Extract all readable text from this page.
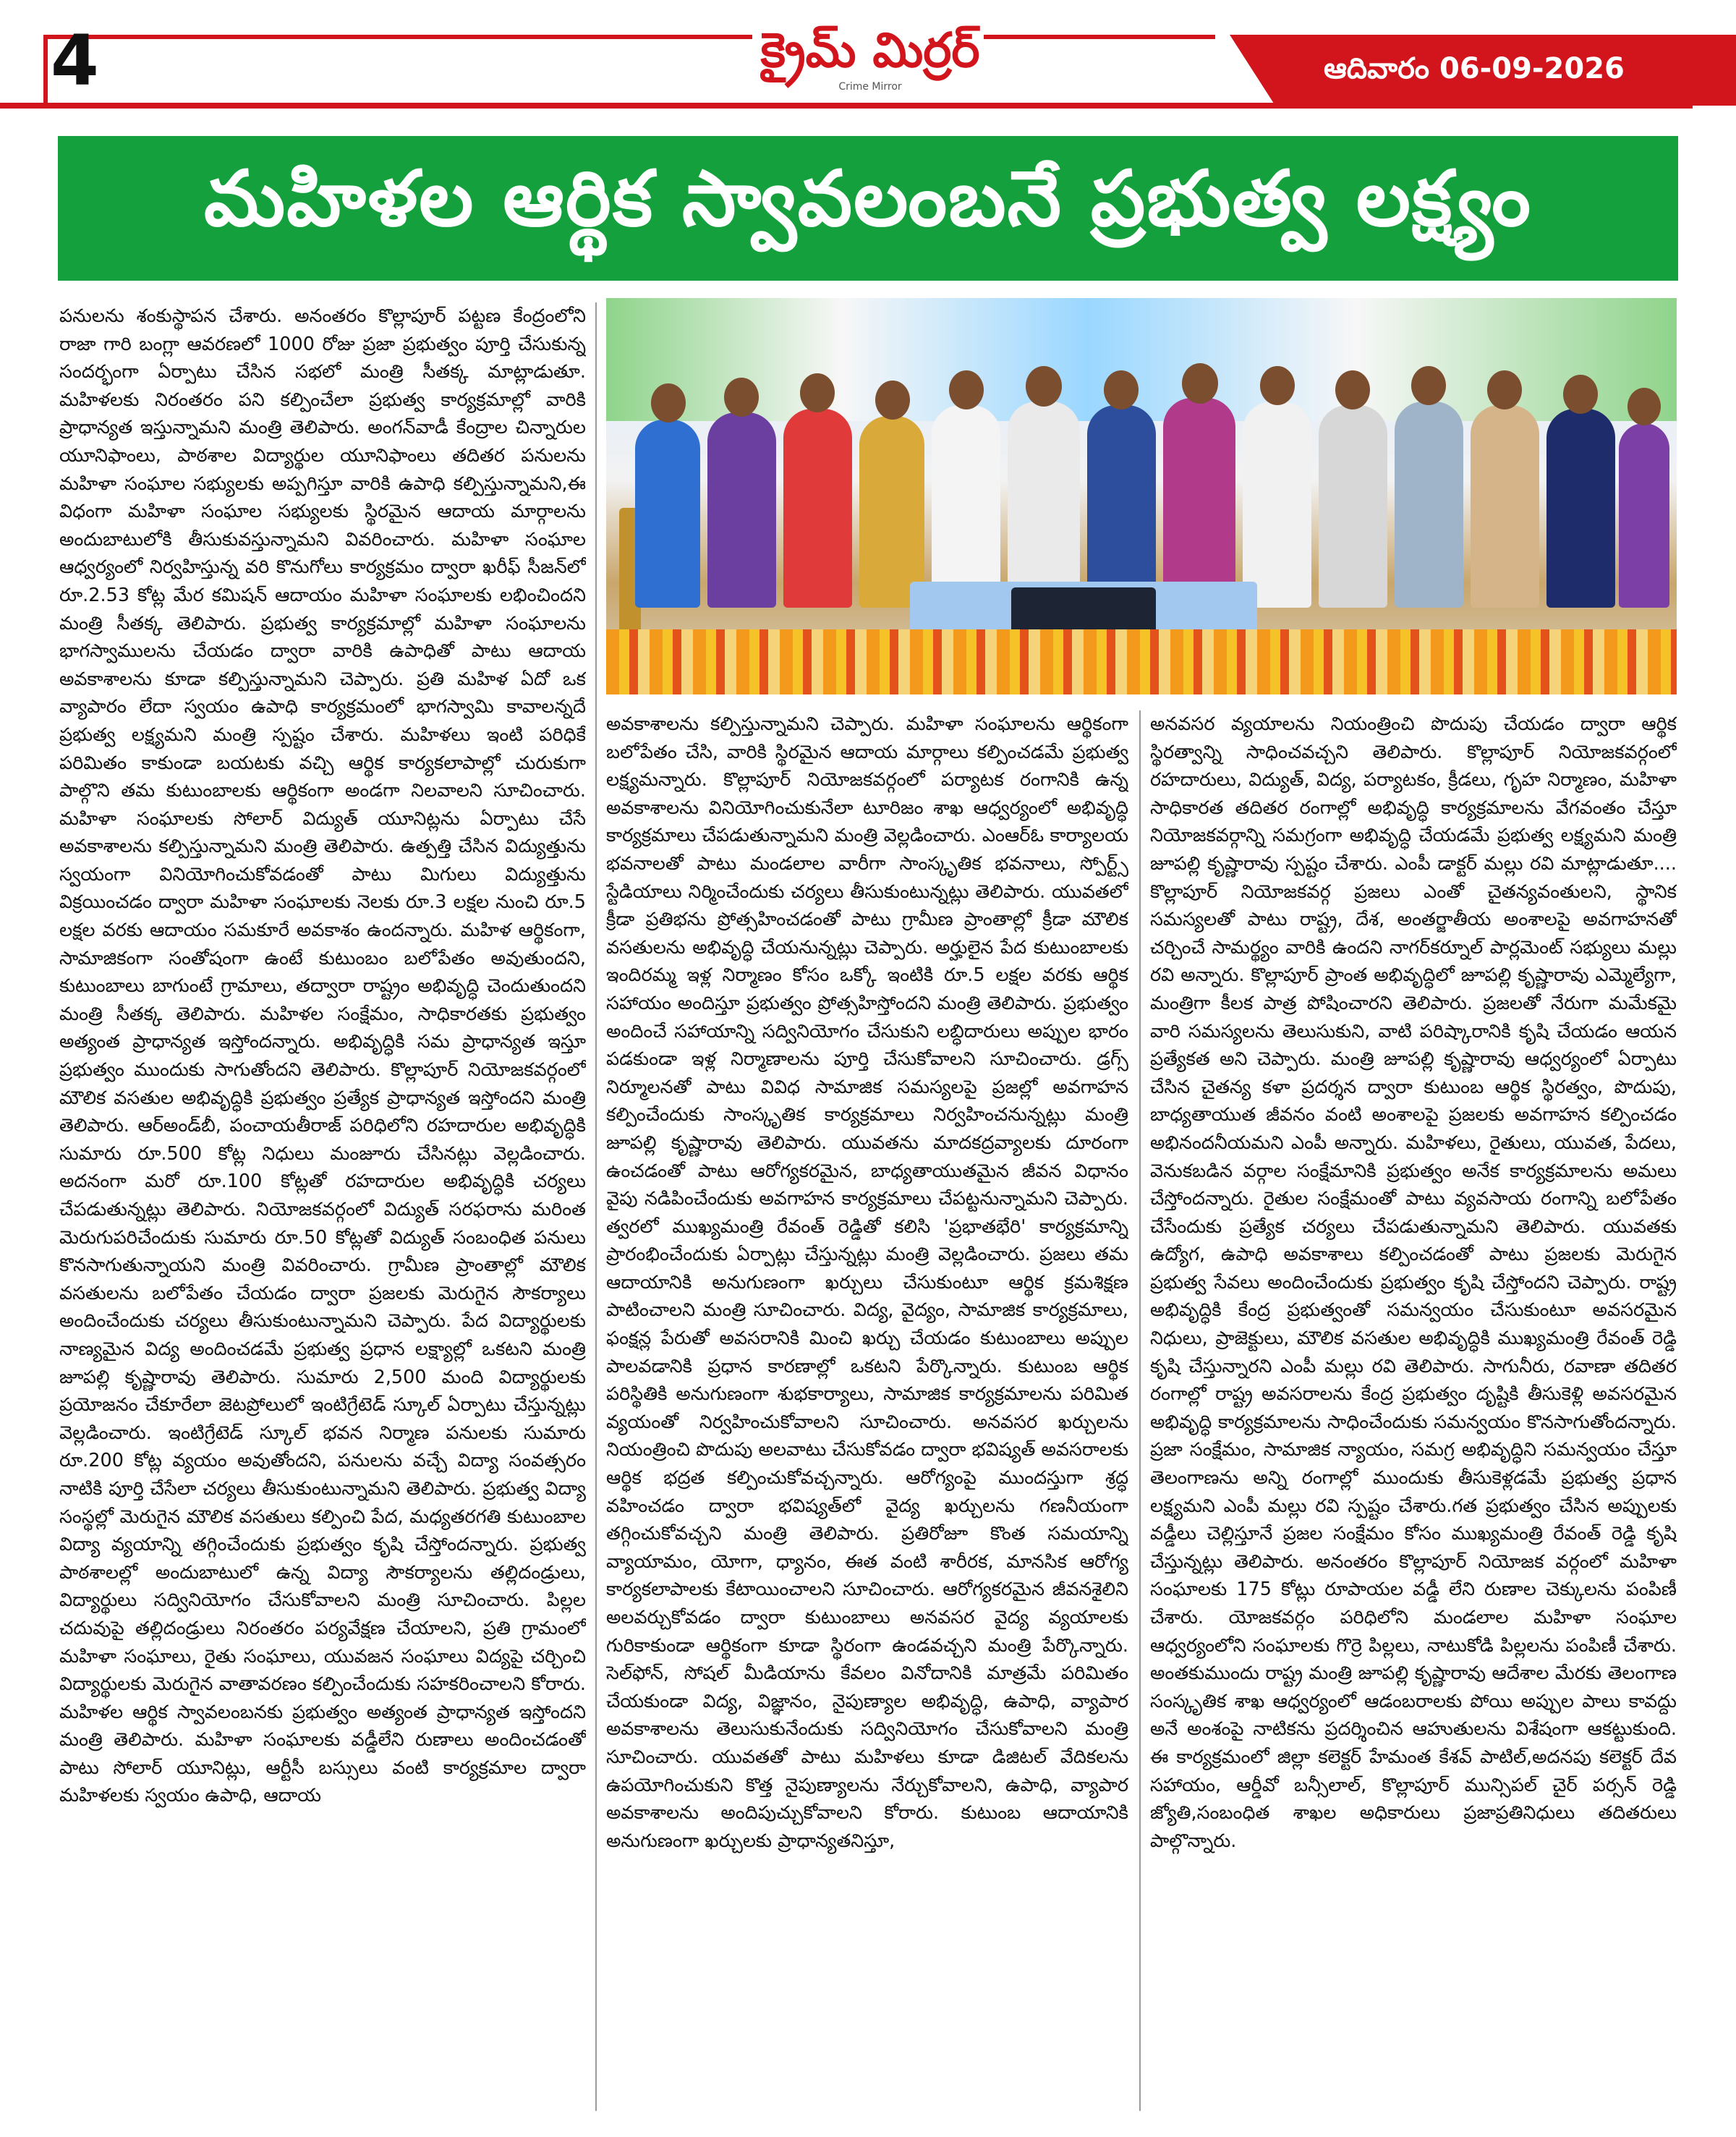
4	క్రైమ్ మిర్రర్
Crime Mirror
ఆదివారం 06-09-2026
మహిళల ఆర్థిక స్వావలంబనే ప్రభుత్వ లక్ష్యం

పనులను శంకుస్థాపన చేశారు. అనంతరం కొల్లాపూర్ పట్టణ కేంద్రంలోని రాజా గారి బంగ్లా ఆవరణలో 1000 రోజు ప్రజా ప్రభుత్వం పూర్తి చేసుకున్న సందర్భంగా ఏర్పాటు చేసిన సభలో మంత్రి సీతక్క మాట్లాడుతూ. మహిళలకు నిరంతరం పని కల్పించేలా ప్రభుత్వ కార్యక్రమాల్లో వారికి ప్రాధాన్యత ఇస్తున్నామని మంత్రి తెలిపారు. అంగన్‌వాడీ కేంద్రాల చిన్నారుల యూనిఫాంలు, పాఠశాల విద్యార్థుల యూనిఫాంలు తదితర పనులను మహిళా సంఘాల సభ్యులకు అప్పగిస్తూ వారికి ఉపాధి కల్పిస్తున్నామని,ఈ విధంగా మహిళా సంఘాల సభ్యులకు స్థిరమైన ఆదాయ మార్గాలను అందుబాటులోకి తీసుకువస్తున్నామని వివరించారు. మహిళా సంఘాల ఆధ్వర్యంలో నిర్వహిస్తున్న వరి కొనుగోలు కార్యక్రమం ద్వారా ఖరీఫ్ సీజన్‌లో రూ.2.53 కోట్ల మేర కమిషన్ ఆదాయం మహిళా సంఘాలకు లభించిందని మంత్రి సీతక్క తెలిపారు. ప్రభుత్వ కార్యక్రమాల్లో మహిళా సంఘాలను భాగస్వాములను చేయడం ద్వారా వారికి ఉపాధితో పాటు ఆదాయ అవకాశాలను కూడా కల్పిస్తున్నామని చెప్పారు. ప్రతి మహిళ ఏదో ఒక వ్యాపారం లేదా స్వయం ఉపాధి కార్యక్రమంలో భాగస్వామి కావాలన్నదే ప్రభుత్వ లక్ష్యమని మంత్రి స్పష్టం చేశారు. మహిళలు ఇంటి పరిధికే పరిమితం కాకుండా బయటకు వచ్చి ఆర్థిక కార్యకలాపాల్లో చురుకుగా పాల్గొని తమ కుటుంబాలకు ఆర్థికంగా అండగా నిలవాలని సూచించారు. మహిళా సంఘాలకు సోలార్ విద్యుత్ యూనిట్లను ఏర్పాటు చేసే అవకాశాలను కల్పిస్తున్నామని మంత్రి తెలిపారు. ఉత్పత్తి చేసిన విద్యుత్తును స్వయంగా వినియోగించుకోవడంతో పాటు మిగులు విద్యుత్తును విక్రయించడం ద్వారా మహిళా సంఘాలకు నెలకు రూ.3 లక్షల నుంచి రూ.5 లక్షల వరకు ఆదాయం సమకూరే అవకాశం ఉందన్నారు. మహిళ ఆర్థికంగా, సామాజికంగా సంతోషంగా ఉంటే కుటుంబం బలోపేతం అవుతుందని, కుటుంబాలు బాగుంటే గ్రామాలు, తద్వారా రాష్ట్రం అభివృద్ధి చెందుతుందని మంత్రి సీతక్క తెలిపారు. మహిళల సంక్షేమం, సాధికారతకు ప్రభుత్వం అత్యంత ప్రాధాన్యత ఇస్తోందన్నారు. అభివృద్ధికి సమ ప్రాధాన్యత ఇస్తూ ప్రభుత్వం ముందుకు సాగుతోందని తెలిపారు. కొల్లాపూర్ నియోజకవర్గంలో మౌలిక వసతుల అభివృద్ధికి ప్రభుత్వం ప్రత్యేక ప్రాధాన్యత ఇస్తోందని మంత్రి తెలిపారు. ఆర్‌అండ్‌బీ, పంచాయతీరాజ్ పరిధిలోని రహదారుల అభివృద్ధికి సుమారు రూ.500 కోట్ల నిధులు మంజూరు చేసినట్లు వెల్లడించారు. అదనంగా మరో రూ.100 కోట్లతో రహదారుల అభివృద్ధికి చర్యలు చేపడుతున్నట్లు తెలిపారు. నియోజకవర్గంలో విద్యుత్ సరఫరాను మరింత మెరుగుపరిచేందుకు సుమారు రూ.50 కోట్లతో విద్యుత్ సంబంధిత పనులు కొనసాగుతున్నాయని మంత్రి వివరించారు. గ్రామీణ ప్రాంతాల్లో మౌలిక వసతులను బలోపేతం చేయడం ద్వారా ప్రజలకు మెరుగైన సౌకర్యాలు అందించేందుకు చర్యలు తీసుకుంటున్నామని చెప్పారు. పేద విద్యార్థులకు నాణ్యమైన విద్య అందించడమే ప్రభుత్వ ప్రధాన లక్ష్యాల్లో ఒకటని మంత్రి జూపల్లి కృష్ణారావు తెలిపారు. సుమారు 2,500 మంది విద్యార్థులకు ప్రయోజనం చేకూరేలా జెటప్రోలులో ఇంటిగ్రేటెడ్ స్కూల్ ఏర్పాటు చేస్తున్నట్లు వెల్లడించారు. ఇంటిగ్రేటెడ్ స్కూల్ భవన నిర్మాణ పనులకు సుమారు రూ.200 కోట్ల వ్యయం అవుతోందని, పనులను వచ్చే విద్యా సంవత్సరం నాటికి పూర్తి చేసేలా చర్యలు తీసుకుంటున్నామని తెలిపారు. ప్రభుత్వ విద్యా సంస్థల్లో మెరుగైన మౌలిక వసతులు కల్పించి పేద, మధ్యతరగతి కుటుంబాల విద్యా వ్యయాన్ని తగ్గించేందుకు ప్రభుత్వం కృషి చేస్తోందన్నారు. ప్రభుత్వ పాఠశాలల్లో అందుబాటులో ఉన్న విద్యా సౌకర్యాలను తల్లిదండ్రులు, విద్యార్థులు సద్వినియోగం చేసుకోవాలని మంత్రి సూచించారు. పిల్లల చదువుపై తల్లిదండ్రులు నిరంతరం పర్యవేక్షణ చేయాలని, ప్రతి గ్రామంలో మహిళా సంఘాలు, రైతు సంఘాలు, యువజన సంఘాలు విద్యపై చర్చించి విద్యార్థులకు మెరుగైన వాతావరణం కల్పించేందుకు సహకరించాలని కోరారు. మహిళల ఆర్థిక స్వావలంబనకు ప్రభుత్వం అత్యంత ప్రాధాన్యత ఇస్తోందని మంత్రి తెలిపారు. మహిళా సంఘాలకు వడ్డీలేని రుణాలు అందించడంతో పాటు సోలార్ యూనిట్లు, ఆర్టీసీ బస్సులు వంటి కార్యక్రమాల ద్వారా మహిళలకు స్వయం ఉపాధి, ఆదాయ

అవకాశాలను కల్పిస్తున్నామని చెప్పారు. మహిళా సంఘాలను ఆర్థికంగా బలోపేతం చేసి, వారికి స్థిరమైన ఆదాయ మార్గాలు కల్పించడమే ప్రభుత్వ లక్ష్యమన్నారు. కొల్లాపూర్ నియోజకవర్గంలో పర్యాటక రంగానికి ఉన్న అవకాశాలను వినియోగించుకునేలా టూరిజం శాఖ ఆధ్వర్యంలో అభివృద్ధి కార్యక్రమాలు చేపడుతున్నామని మంత్రి వెల్లడించారు. ఎంఆర్‌ఓ కార్యాలయ భవనాలతో పాటు మండలాల వారీగా సాంస్కృతిక భవనాలు, స్పోర్ట్స్ స్టేడియాలు నిర్మించేందుకు చర్యలు తీసుకుంటున్నట్లు తెలిపారు. యువతలో క్రీడా ప్రతిభను ప్రోత్సహించడంతో పాటు గ్రామీణ ప్రాంతాల్లో క్రీడా మౌలిక వసతులను అభివృద్ధి చేయనున్నట్లు చెప్పారు. అర్హులైన పేద కుటుంబాలకు ఇందిరమ్మ ఇళ్ల నిర్మాణం కోసం ఒక్కో ఇంటికి రూ.5 లక్షల వరకు ఆర్థిక సహాయం అందిస్తూ ప్రభుత్వం ప్రోత్సహిస్తోందని మంత్రి తెలిపారు. ప్రభుత్వం అందించే సహాయాన్ని సద్వినియోగం చేసుకుని లబ్ధిదారులు అప్పుల భారం పడకుండా ఇళ్ల నిర్మాణాలను పూర్తి చేసుకోవాలని సూచించారు. డ్రగ్స్ నిర్మూలనతో పాటు వివిధ సామాజిక సమస్యలపై ప్రజల్లో అవగాహన కల్పించేందుకు సాంస్కృతిక కార్యక్రమాలు నిర్వహించనున్నట్లు మంత్రి జూపల్లి కృష్ణారావు తెలిపారు. యువతను మాదకద్రవ్యాలకు దూరంగా ఉంచడంతో పాటు ఆరోగ్యకరమైన, బాధ్యతాయుతమైన జీవన విధానం వైపు నడిపించేందుకు అవగాహన కార్యక్రమాలు చేపట్టనున్నామని చెప్పారు. త్వరలో ముఖ్యమంత్రి రేవంత్ రెడ్డితో కలిసి 'ప్రభాతభేరి' కార్యక్రమాన్ని ప్రారంభించేందుకు ఏర్పాట్లు చేస్తున్నట్లు మంత్రి వెల్లడించారు. ప్రజలు తమ ఆదాయానికి అనుగుణంగా ఖర్చులు చేసుకుంటూ ఆర్థిక క్రమశిక్షణ పాటించాలని మంత్రి సూచించారు. విద్య, వైద్యం, సామాజిక కార్యక్రమాలు, ఫంక్షన్ల పేరుతో అవసరానికి మించి ఖర్చు చేయడం కుటుంబాలు అప్పుల పాలవడానికి ప్రధాన కారణాల్లో ఒకటని పేర్కొన్నారు. కుటుంబ ఆర్థిక పరిస్థితికి అనుగుణంగా శుభకార్యాలు, సామాజిక కార్యక్రమాలను పరిమిత వ్యయంతో నిర్వహించుకోవాలని సూచించారు. అనవసర ఖర్చులను నియంత్రించి పొదుపు అలవాటు చేసుకోవడం ద్వారా భవిష్యత్ అవసరాలకు ఆర్థిక భద్రత కల్పించుకోవచ్చన్నారు. ఆరోగ్యంపై ముందస్తుగా శ్రద్ధ వహించడం ద్వారా భవిష్యత్‌లో వైద్య ఖర్చులను గణనీయంగా తగ్గించుకోవచ్చని మంత్రి తెలిపారు. ప్రతిరోజూ కొంత సమయాన్ని వ్యాయామం, యోగా, ధ్యానం, ఈత వంటి శారీరక, మానసిక ఆరోగ్య కార్యకలాపాలకు కేటాయించాలని సూచించారు. ఆరోగ్యకరమైన జీవనశైలిని అలవర్చుకోవడం ద్వారా కుటుంబాలు అనవసర వైద్య వ్యయాలకు గురికాకుండా ఆర్థికంగా కూడా స్థిరంగా ఉండవచ్చని మంత్రి పేర్కొన్నారు. సెల్‌ఫోన్, సోషల్ మీడియాను కేవలం వినోదానికి మాత్రమే పరిమితం చేయకుండా విద్య, విజ్ఞానం, నైపుణ్యాల అభివృద్ధి, ఉపాధి, వ్యాపార అవకాశాలను తెలుసుకునేందుకు సద్వినియోగం చేసుకోవాలని మంత్రి సూచించారు. యువతతో పాటు మహిళలు కూడా డిజిటల్ వేదికలను ఉపయోగించుకుని కొత్త నైపుణ్యాలను నేర్చుకోవాలని, ఉపాధి, వ్యాపార అవకాశాలను అందిపుచ్చుకోవాలని కోరారు. కుటుంబ ఆదాయానికి అనుగుణంగా ఖర్చులకు ప్రాధాన్యతనిస్తూ,

అనవసర వ్యయాలను నియంత్రించి పొదుపు చేయడం ద్వారా ఆర్థిక స్థిరత్వాన్ని సాధించవచ్చని తెలిపారు. కొల్లాపూర్ నియోజకవర్గంలో రహదారులు, విద్యుత్, విద్య, పర్యాటకం, క్రీడలు, గృహ నిర్మాణం, మహిళా సాధికారత తదితర రంగాల్లో అభివృద్ధి కార్యక్రమాలను వేగవంతం చేస్తూ నియోజకవర్గాన్ని సమగ్రంగా అభివృద్ధి చేయడమే ప్రభుత్వ లక్ష్యమని మంత్రి జూపల్లి కృష్ణారావు స్పష్టం చేశారు. ఎంపీ డాక్టర్ మల్లు రవి మాట్లాడుతూ.... కొల్లాపూర్ నియోజకవర్గ ప్రజలు ఎంతో చైతన్యవంతులని, స్థానిక సమస్యలతో పాటు రాష్ట్ర, దేశ, అంతర్జాతీయ అంశాలపై అవగాహనతో చర్చించే సామర్థ్యం వారికి ఉందని నాగర్‌కర్నూల్ పార్లమెంట్ సభ్యులు మల్లు రవి అన్నారు. కొల్లాపూర్ ప్రాంత అభివృద్ధిలో జూపల్లి కృష్ణారావు ఎమ్మెల్యేగా, మంత్రిగా కీలక పాత్ర పోషించారని తెలిపారు. ప్రజలతో నేరుగా మమేకమై వారి సమస్యలను తెలుసుకుని, వాటి పరిష్కారానికి కృషి చేయడం ఆయన ప్రత్యేకత అని చెప్పారు. మంత్రి జూపల్లి కృష్ణారావు ఆధ్వర్యంలో ఏర్పాటు చేసిన చైతన్య కళా ప్రదర్శన ద్వారా కుటుంబ ఆర్థిక స్థిరత్వం, పొదుపు, బాధ్యతాయుత జీవనం వంటి అంశాలపై ప్రజలకు అవగాహన కల్పించడం అభినందనీయమని ఎంపీ అన్నారు. మహిళలు, రైతులు, యువత, పేదలు, వెనుకబడిన వర్గాల సంక్షేమానికి ప్రభుత్వం అనేక కార్యక్రమాలను అమలు చేస్తోందన్నారు. రైతుల సంక్షేమంతో పాటు వ్యవసాయ రంగాన్ని బలోపేతం చేసేందుకు ప్రత్యేక చర్యలు చేపడుతున్నామని తెలిపారు. యువతకు ఉద్యోగ, ఉపాధి అవకాశాలు కల్పించడంతో పాటు ప్రజలకు మెరుగైన ప్రభుత్వ సేవలు అందించేందుకు ప్రభుత్వం కృషి చేస్తోందని చెప్పారు. రాష్ట్ర అభివృద్ధికి కేంద్ర ప్రభుత్వంతో సమన్వయం చేసుకుంటూ అవసరమైన నిధులు, ప్రాజెక్టులు, మౌలిక వసతుల అభివృద్ధికి ముఖ్యమంత్రి రేవంత్ రెడ్డి కృషి చేస్తున్నారని ఎంపీ మల్లు రవి తెలిపారు. సాగునీరు, రవాణా తదితర రంగాల్లో రాష్ట్ర అవసరాలను కేంద్ర ప్రభుత్వం దృష్టికి తీసుకెళ్లి అవసరమైన అభివృద్ధి కార్యక్రమాలను సాధించేందుకు సమన్వయం కొనసాగుతోందన్నారు. ప్రజా సంక్షేమం, సామాజిక న్యాయం, సమగ్ర అభివృద్ధిని సమన్వయం చేస్తూ తెలంగాణను అన్ని రంగాల్లో ముందుకు తీసుకెళ్లడమే ప్రభుత్వ ప్రధాన లక్ష్యమని ఎంపీ మల్లు రవి స్పష్టం చేశారు.గత ప్రభుత్వం చేసిన అప్పులకు వడ్డీలు చెల్లిస్తూనే ప్రజల సంక్షేమం కోసం ముఖ్యమంత్రి రేవంత్ రెడ్డి కృషి చేస్తున్నట్లు తెలిపారు. అనంతరం కొల్లాపూర్ నియోజక వర్గంలో మహిళా సంఘాలకు 175 కోట్లు రూపాయల వడ్డీ లేని రుణాల చెక్కులను పంపిణీ చేశారు. యోజకవర్గం పరిధిలోని మండలాల మహిళా సంఘాల ఆధ్వర్యంలోని సంఘాలకు గొర్రె పిల్లలు, నాటుకోడి పిల్లలను పంపిణీ చేశారు. అంతకుముందు రాష్ట్ర మంత్రి జూపల్లి కృష్ణారావు ఆదేశాల మేరకు తెలంగాణ సంస్కృతిక శాఖ ఆధ్వర్యంలో ఆడంబరాలకు పోయి అప్పుల పాలు కావద్దు అనే అంశంపై నాటికను ప్రదర్శించిన ఆహుతులను విశేషంగా ఆకట్టుకుంది. ఈ కార్యక్రమంలో జిల్లా కలెక్టర్ హేమంత కేశవ్ పాటిల్,అదనపు కలెక్టర్ దేవ సహాయం, ఆర్డీవో బన్సీలాల్, కొల్లాపూర్ మున్సిపల్ చైర్ పర్సన్ రెడ్డి జ్యోతి,సంబంధిత శాఖల అధికారులు ప్రజాప్రతినిధులు తదితరులు పాల్గొన్నారు.
